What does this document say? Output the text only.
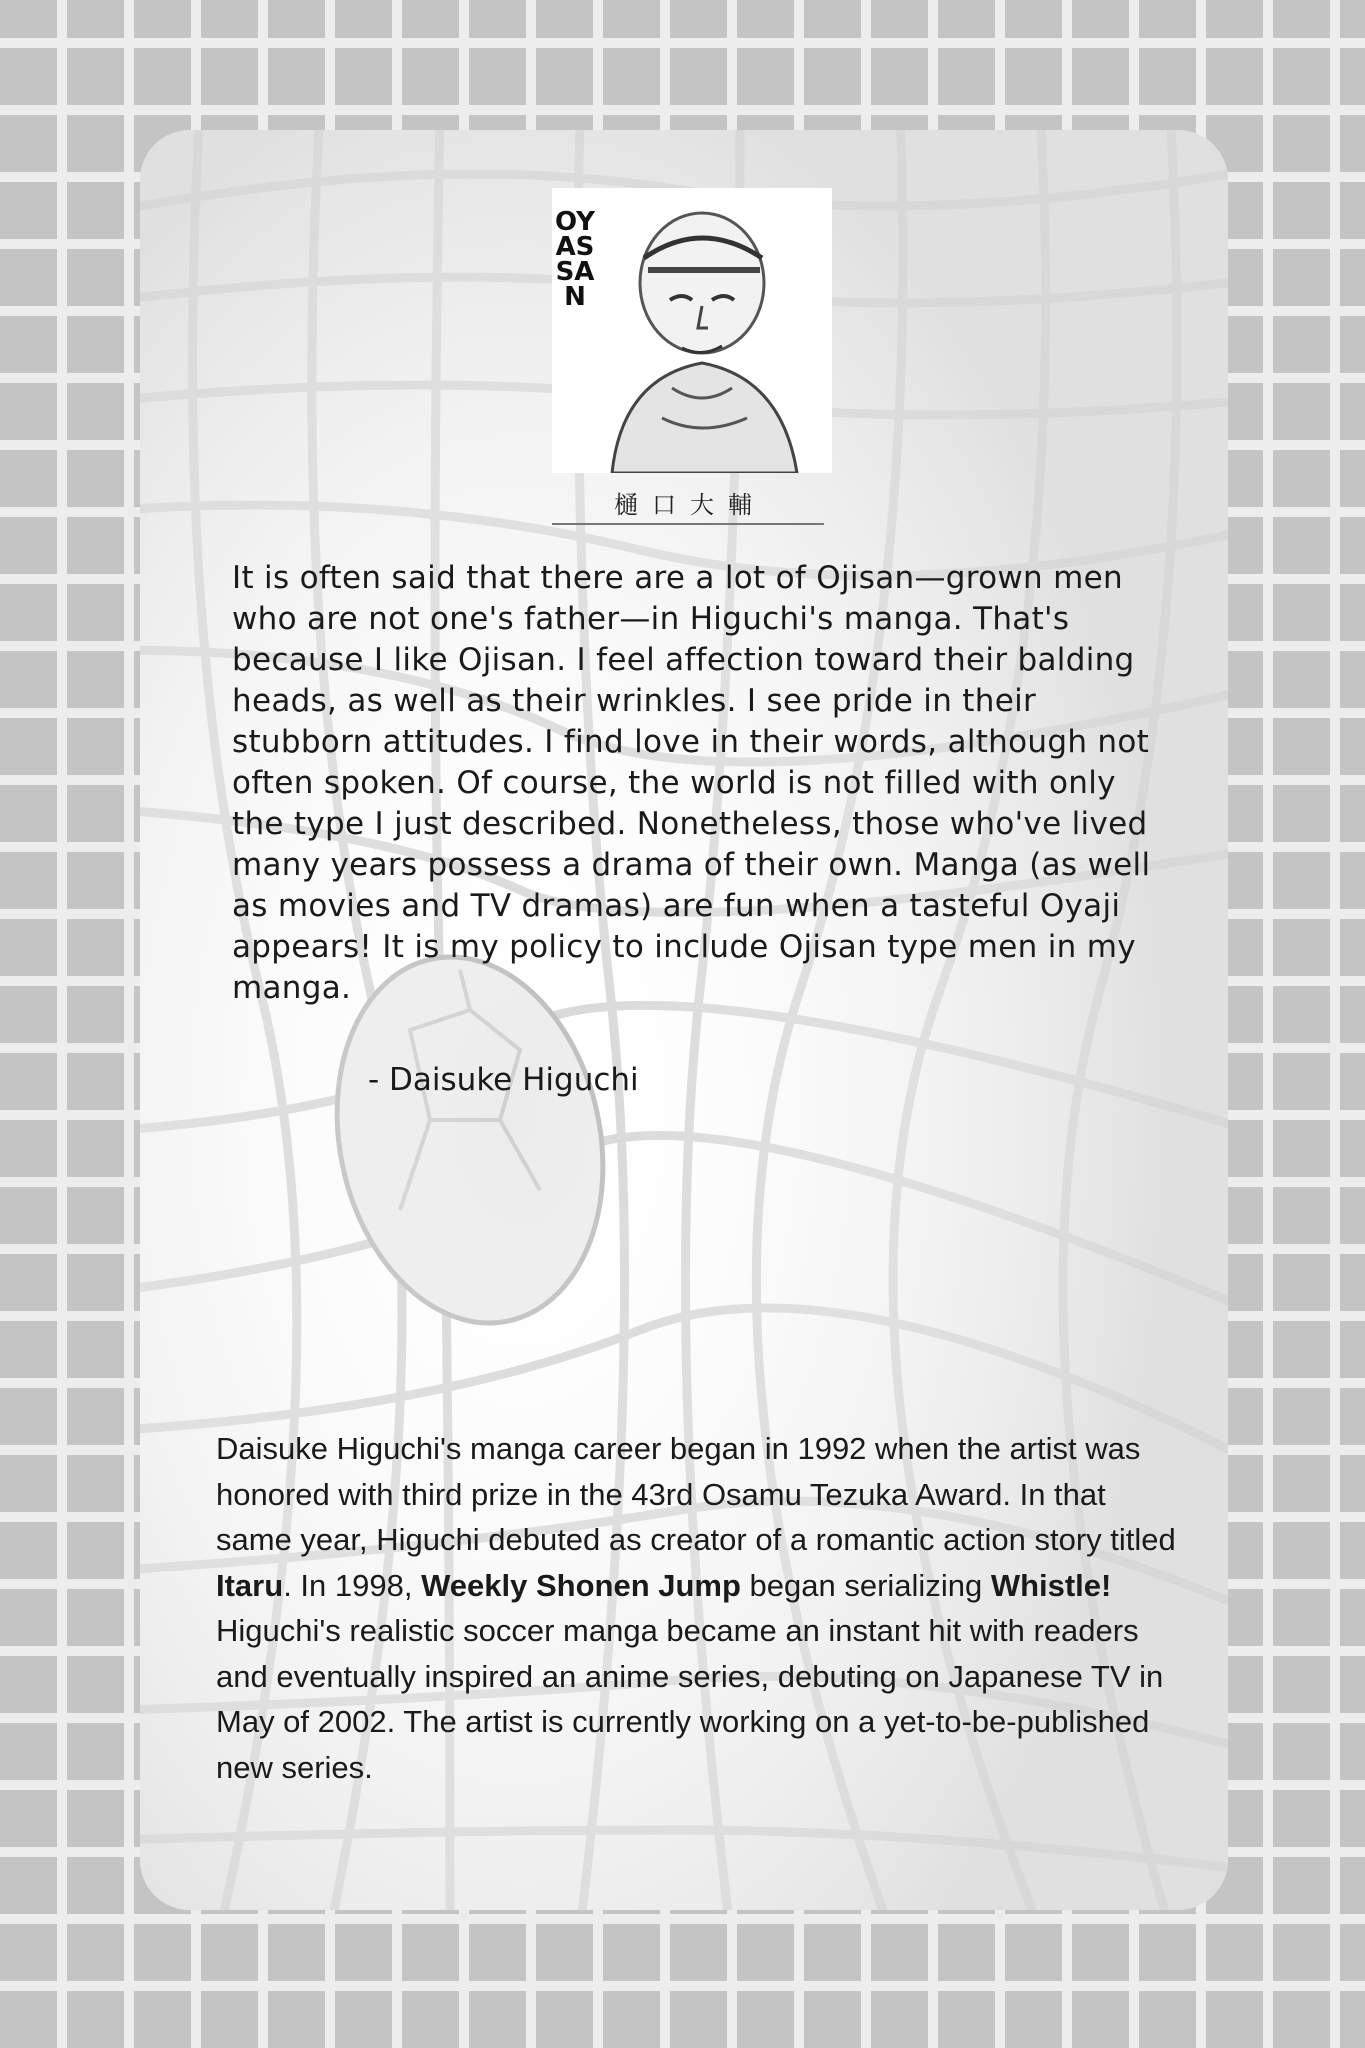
OYASSAN
樋口大輔

It is often said that there are a lot of Ojisan—grown men who are not one's father—in Higuchi's manga. That's because I like Ojisan. I feel affection toward their balding heads, as well as their wrinkles. I see pride in their stubborn attitudes. I find love in their words, although not often spoken. Of course, the world is not filled with only the type I just described. Nonetheless, those who've lived many years possess a drama of their own. Manga (as well as movies and TV dramas) are fun when a tasteful Oyaji appears! It is my policy to include Ojisan type men in my manga.

- Daisuke Higuchi

Daisuke Higuchi's manga career began in 1992 when the artist was honored with third prize in the 43rd Osamu Tezuka Award. In that same year, Higuchi debuted as creator of a romantic action story titled Itaru. In 1998, Weekly Shonen Jump began serializing Whistle! Higuchi's realistic soccer manga became an instant hit with readers and eventually inspired an anime series, debuting on Japanese TV in May of 2002. The artist is currently working on a yet-to-be-published new series.
